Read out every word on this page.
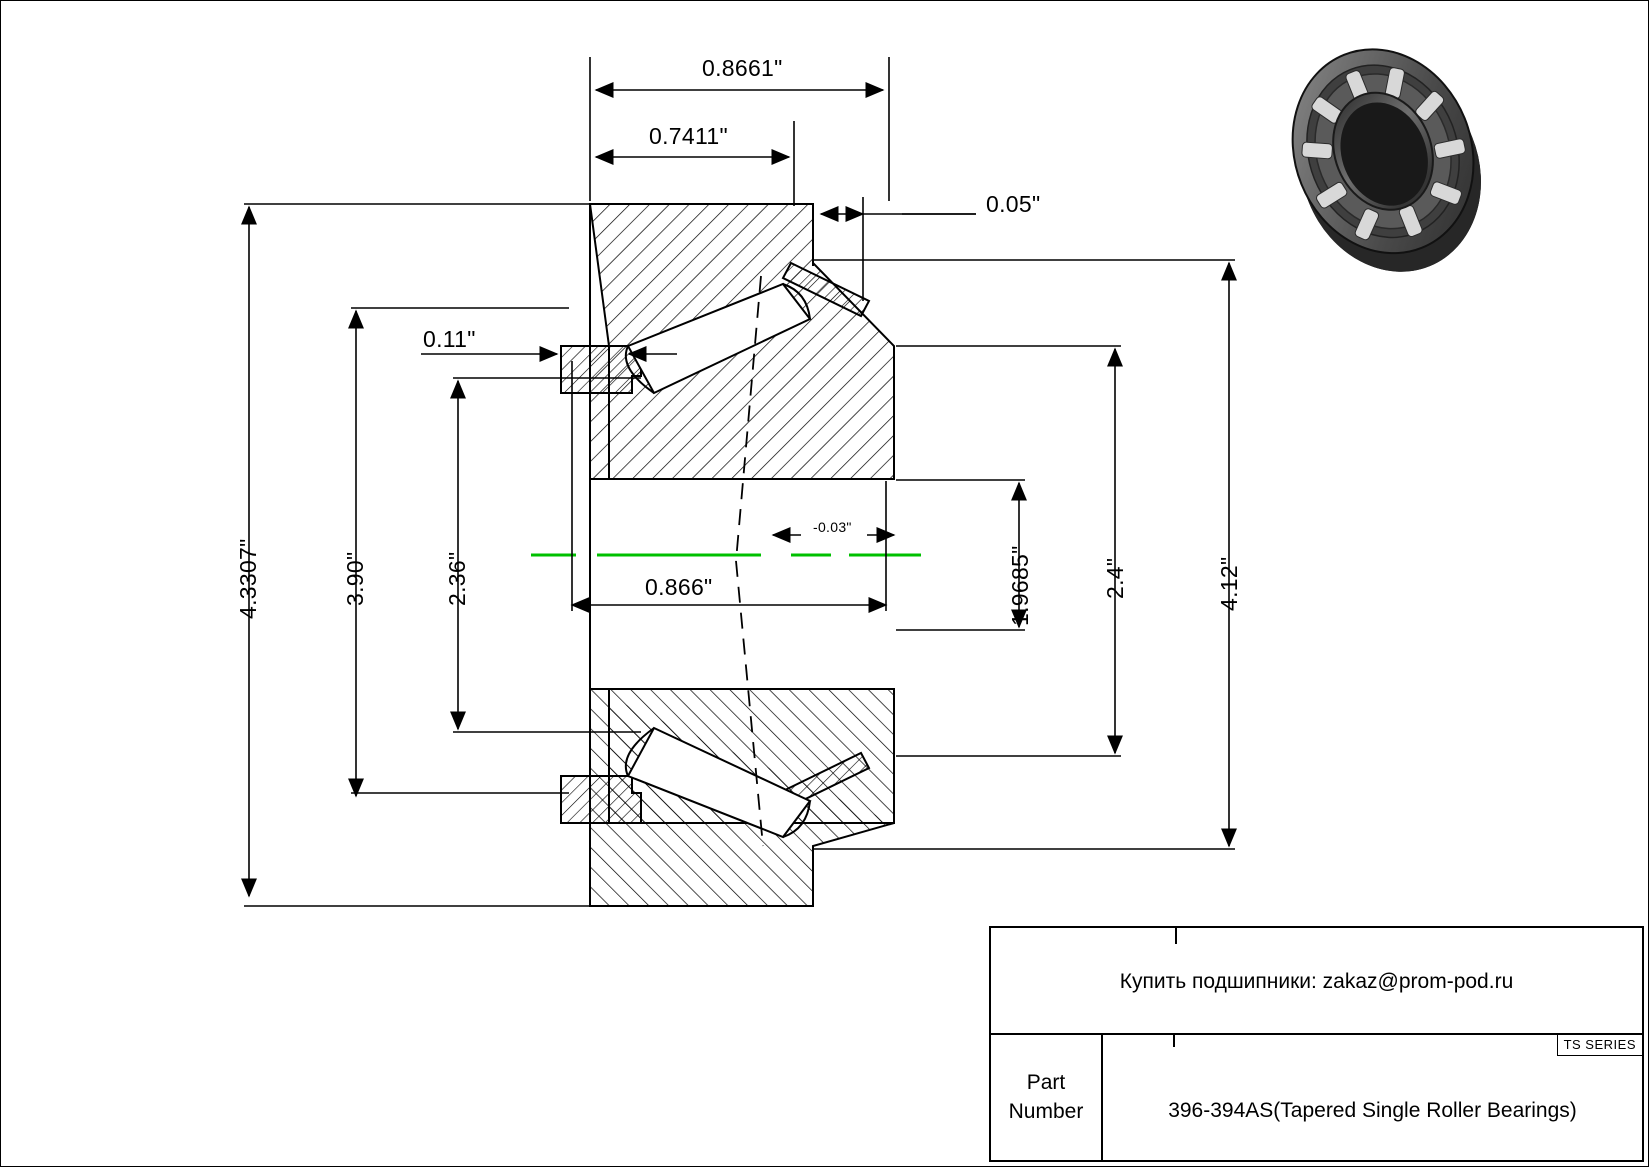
0.8661"
0.7411"
0.05"
0.11"
0.866"
-0.03"
4.3307"	3.90"	2.36"	1.9685"	2.4"	4.12"
Купить подшипники: zakaz@prom-pod.ru
Part
Number
TS SERIES
396-394AS(Tapered Single Roller Bearings)
